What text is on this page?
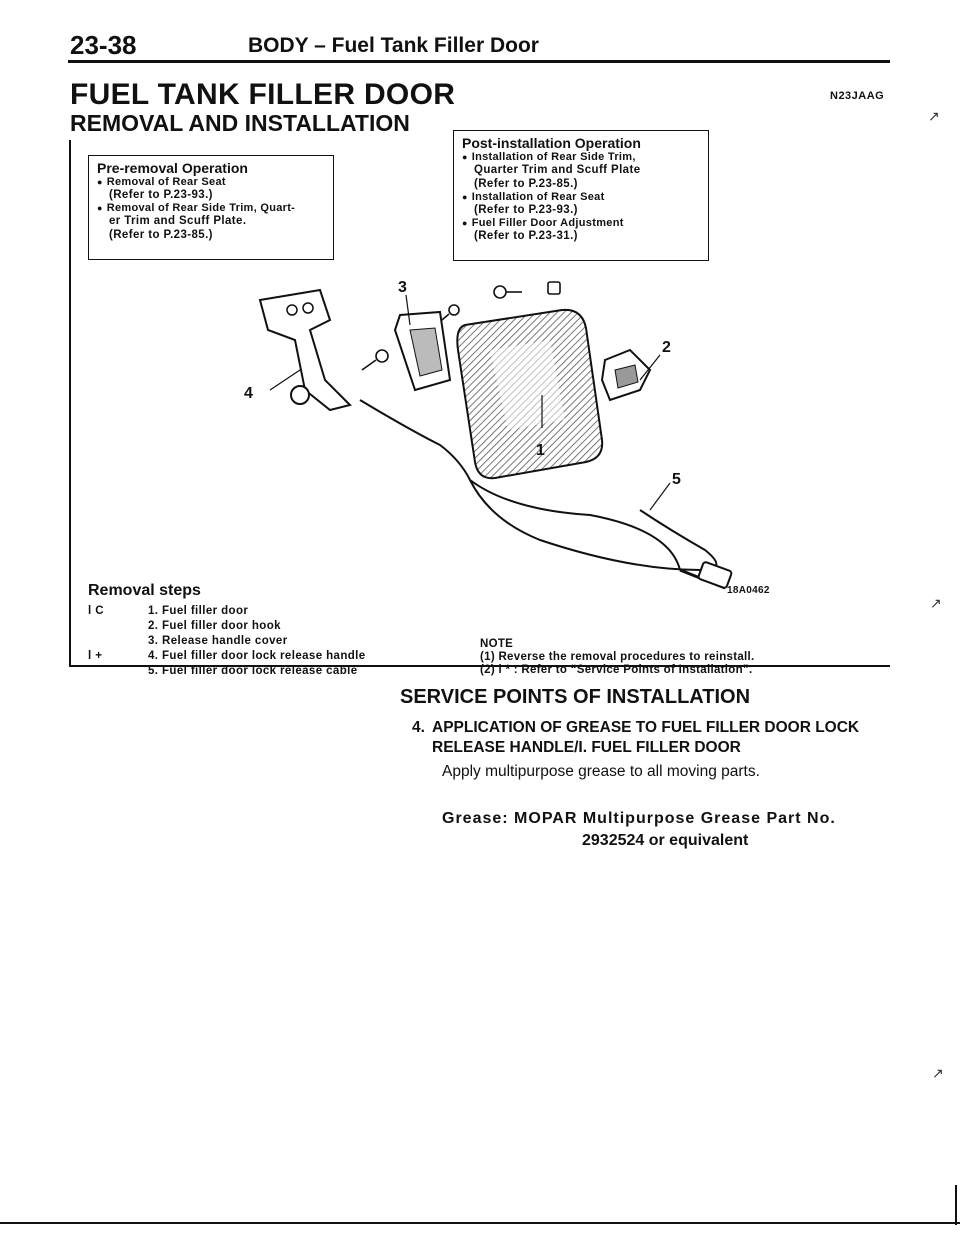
23-38	BODY – Fuel Tank Filler Door
FUEL TANK FILLER DOOR	N23JAAG
REMOVAL AND INSTALLATION
Pre-removal Operation
● Removal of Rear Seat
(Refer to P.23-93.)
● Removal of Rear Side Trim, Quart-
er Trim and Scuff Plate.
(Refer to P.23-85.)
Post-installation Operation
● Installation of Rear Side Trim,
Quarter Trim and Scuff Plate
(Refer to P.23-85.)
● Installation of Rear Seat
(Refer to P.23-93.)
● Fuel Filler Door Adjustment
(Refer to P.23-31.)
3
2
4
1
5
18A0462
Removal steps
l C	1. Fuel filler door
2. Fuel filler door hook
3. Release handle cover
l +	4. Fuel filler door lock release handle
5. Fuel filler door lock release cable
NOTE
(1) Reverse the removal procedures to reinstall.
(2) l * : Refer to “Service Points of Installation”.
SERVICE POINTS OF INSTALLATION
4. APPLICATION OF GREASE TO FUEL FILLER DOOR LOCK
RELEASE HANDLE/I. FUEL FILLER DOOR
Apply multipurpose grease to all moving parts.
Grease: MOPAR Multipurpose Grease Part No.
2932524 or equivalent
↗
↗
↗
